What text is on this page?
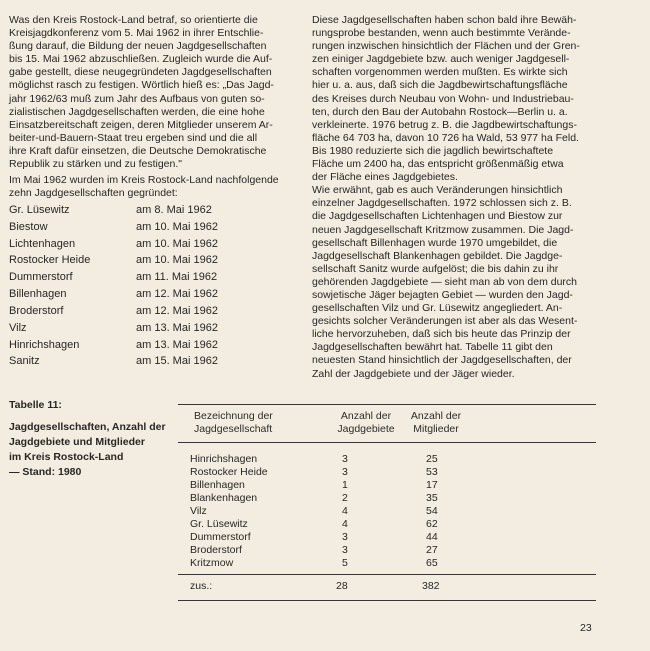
Was den Kreis Rostock-Land betraf, so orientierte die
Kreisjagdkonferenz vom 5. Mai 1962 in ihrer Entschlie-
ßung darauf, die Bildung der neuen Jagdgesellschaften
bis 15. Mai 1962 abzuschließen. Zugleich wurde die Auf-
gabe gestellt, diese neugegründeten Jagdgesellschaften
möglichst rasch zu festigen. Wörtlich hieß es: „Das Jagd-
jahr 1962/63 muß zum Jahr des Aufbaus von guten so-
zialistischen Jagdgesellschaften werden, die eine hohe
Einsatzbereitschaft zeigen, deren Mitglieder unserem Ar-
beiter-und-Bauern-Staat treu ergeben sind und die all
ihre Kraft dafür einsetzen, die Deutsche Demokratische
Republik zu stärken und zu festigen."
Im Mai 1962 wurden im Kreis Rostock-Land nachfolgende
zehn Jagdgesellschaften gegründet:
Gr. Lüsewitz	am 8. Mai 1962
Biestow	am 10. Mai 1962
Lichtenhagen	am 10. Mai 1962
Rostocker Heide	am 10. Mai 1962
Dummerstorf	am 11. Mai 1962
Billenhagen	am 12. Mai 1962
Broderstorf	am 12. Mai 1962
Vilz	am 13. Mai 1962
Hinrichshagen	am 13. Mai 1962
Sanitz	am 15. Mai 1962
Diese Jagdgesellschaften haben schon bald ihre Bewäh-
rungsprobe bestanden, wenn auch bestimmte Verände-
rungen inzwischen hinsichtlich der Flächen und der Gren-
zen einiger Jagdgebiete bzw. auch weniger Jagdgesell-
schaften vorgenommen werden mußten. Es wirkte sich
hier u. a. aus, daß sich die Jagdbewirtschaftungsfläche
des Kreises durch Neubau von Wohn- und Industriebau-
ten, durch den Bau der Autobahn Rostock—Berlin u. a.
verkleinerte. 1976 betrug z. B. die Jagdbewirtschaftungs-
fläche 64 703 ha, davon 10 726 ha Wald, 53 977 ha Feld.
Bis 1980 reduzierte sich die jagdlich bewirtschaftete
Fläche um 2400 ha, das entspricht größenmäßig etwa
der Fläche eines Jagdgebietes.
Wie erwähnt, gab es auch Veränderungen hinsichtlich
einzelner Jagdgesellschaften. 1972 schlossen sich z. B.
die Jagdgesellschaften Lichtenhagen und Biestow zur
neuen Jagdgesellschaft Kritzmow zusammen. Die Jagd-
gesellschaft Billenhagen wurde 1970 umgebildet, die
Jagdgesellschaft Blankenhagen gebildet. Die Jagdge-
sellschaft Sanitz wurde aufgelöst; die bis dahin zu ihr
gehörenden Jagdgebiete — sieht man ab von dem durch
sowjetische Jäger bejagten Gebiet — wurden den Jagd-
gesellschaften Vilz und Gr. Lüsewitz angegliedert. An-
gesichts solcher Veränderungen ist aber als das Wesent-
liche hervorzuheben, daß sich bis heute das Prinzip der
Jagdgesellschaften bewährt hat. Tabelle 11 gibt den
neuesten Stand hinsichtlich der Jagdgesellschaften, der
Zahl der Jagdgebiete und der Jäger wieder.
Tabelle 11:
Jagdgesellschaften, Anzahl der
Jagdgebiete und Mitglieder
im Kreis Rostock-Land
— Stand: 1980
Bezeichnung der
Jagdgesellschaft
Anzahl der
Jagdgebiete
Anzahl der
Mitglieder
Hinrichshagen	3	25
Rostocker Heide	3	53
Billenhagen	1	17
Blankenhagen	2	35
Vilz	4	54
Gr. Lüsewitz	4	62
Dummerstorf	3	44
Broderstorf	3	27
Kritzmow	5	65
zus.:	28	382
23
